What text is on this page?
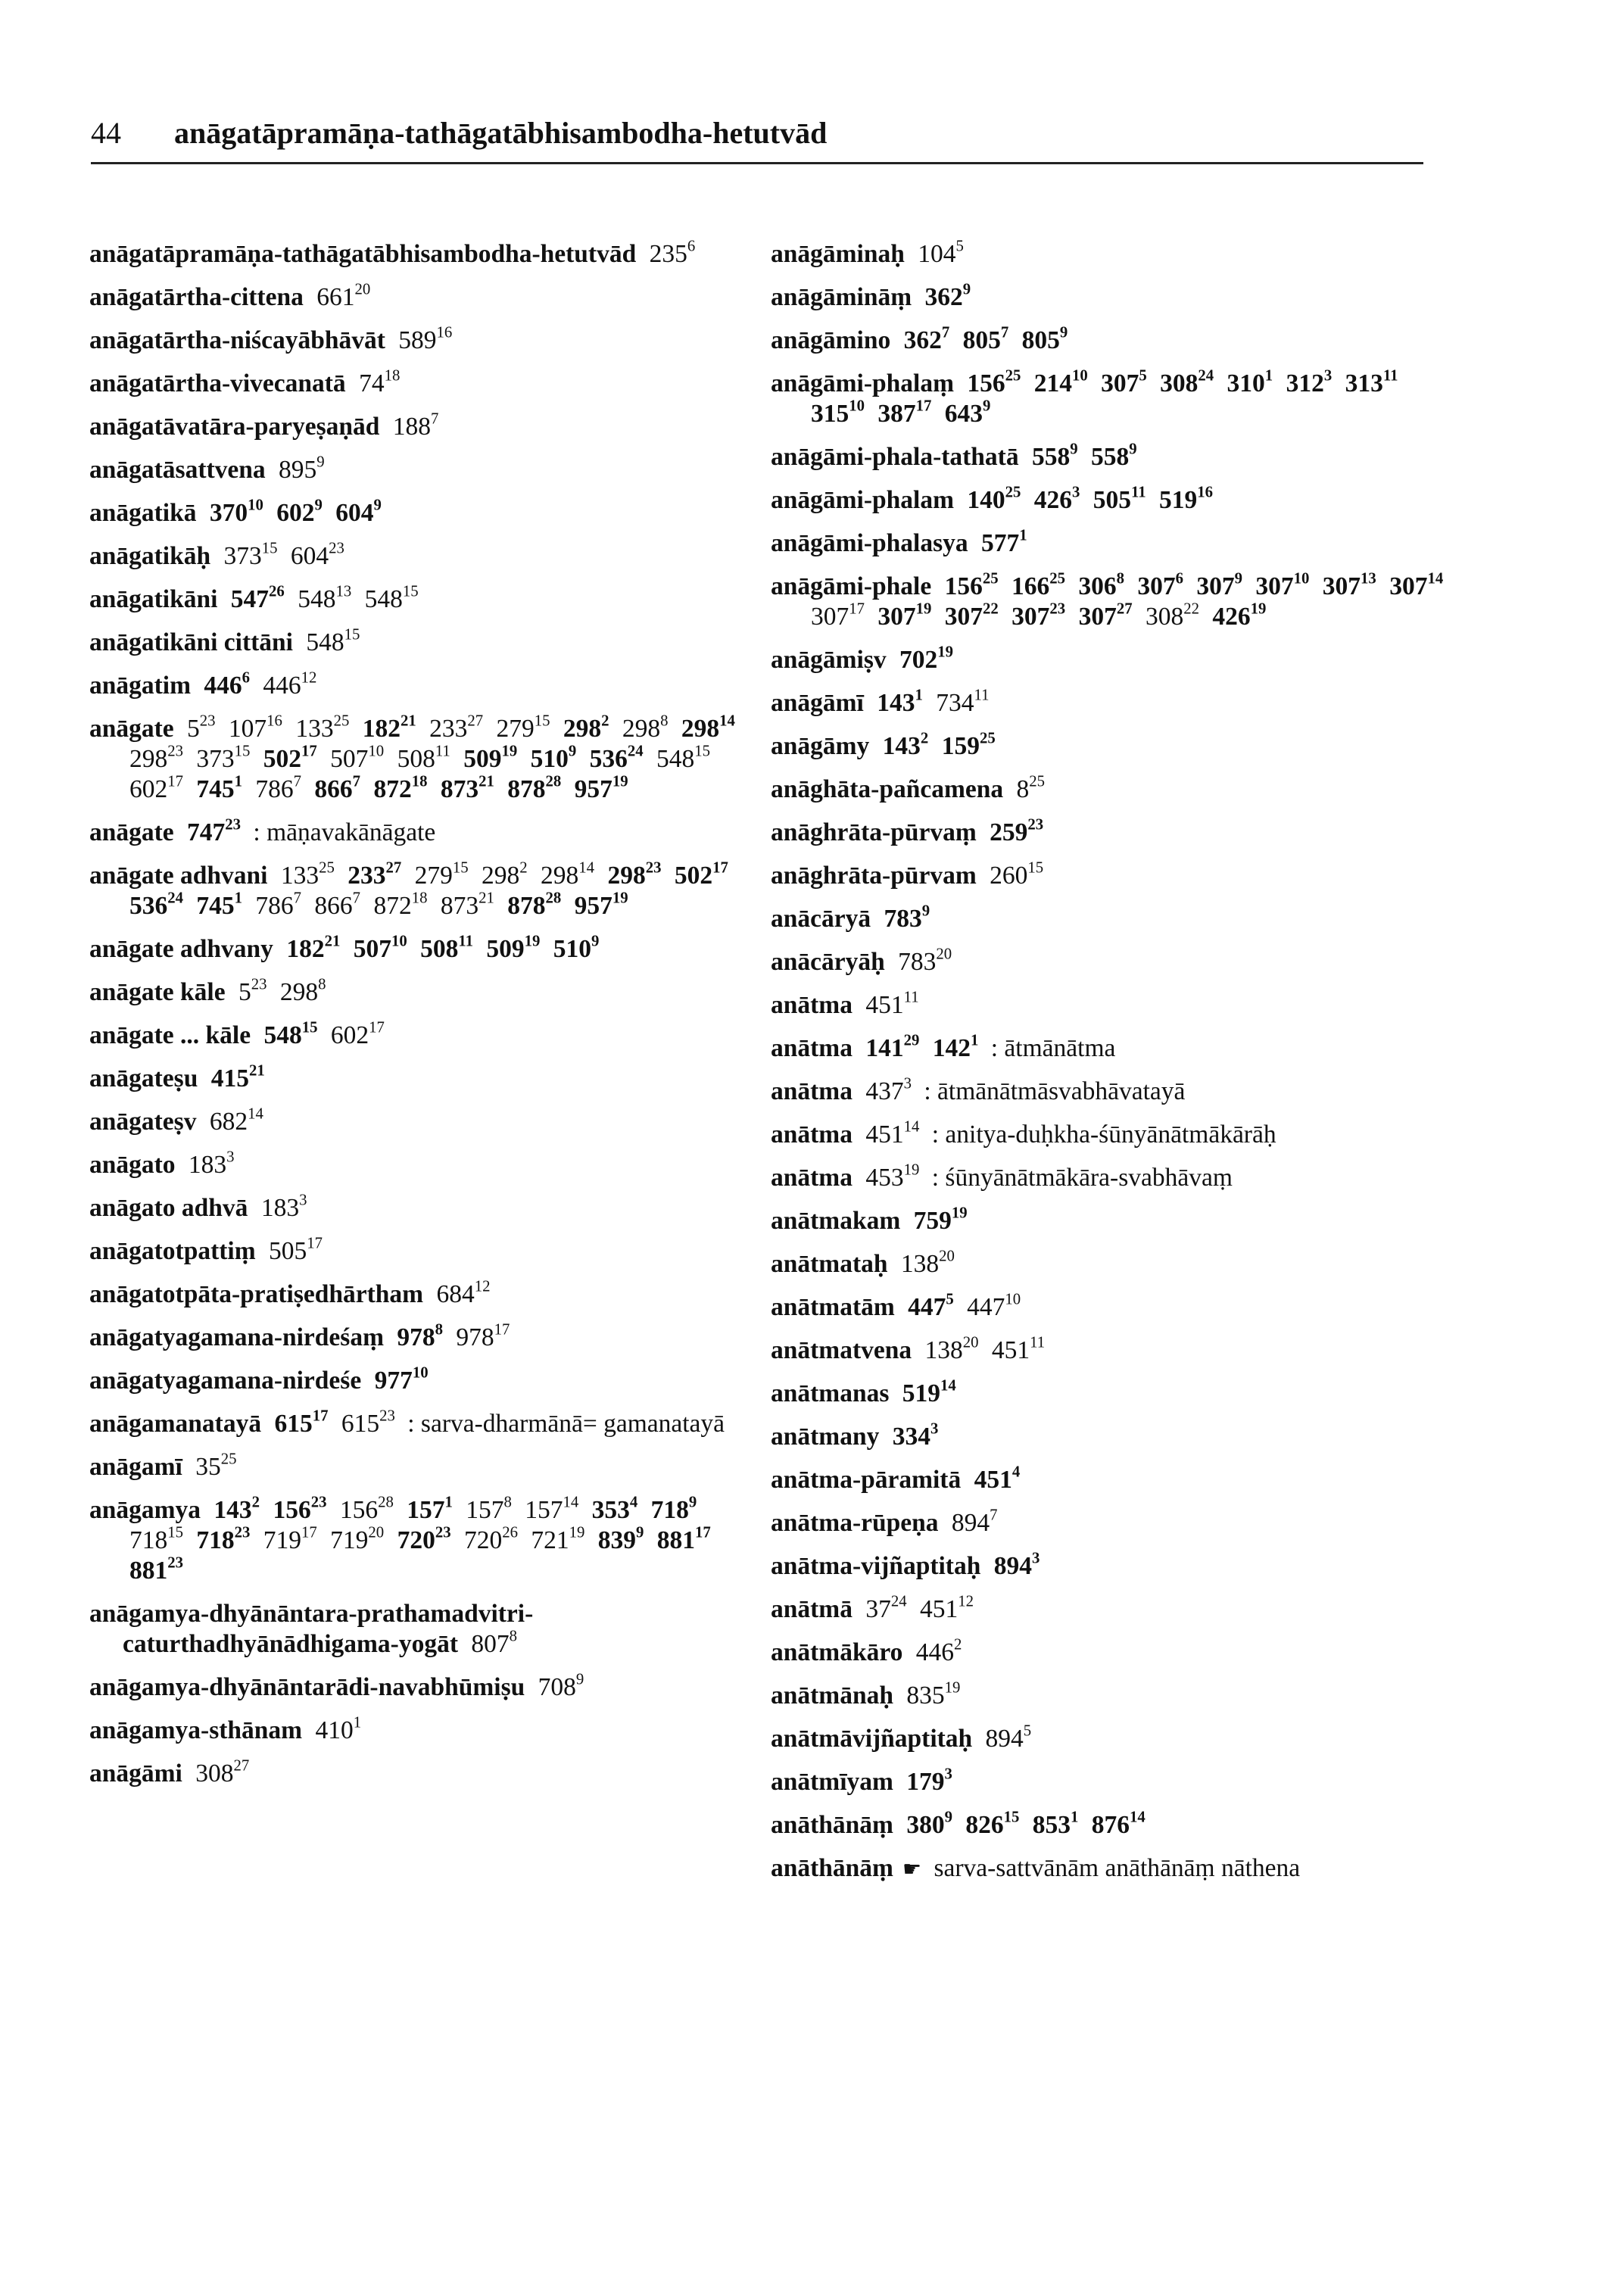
44 anāgatāpramāṇa-tathāgatābhisambodha-hetutvād
anāgatāpramāṇa-tathāgatābhisambodha-hetutvād $235^6$
anāgatārtha-cittena $661^{20}$
anāgatārtha-niścayābhāvāt $589^{16}$
anāgatārtha-vivecanatā $74^{18}$
anāgatāvatāra-paryeṣaṇād $188^7$
anāgatāsattvena $895^9$
anāgatikā $370^{10}$ $602^9$ $604^9$
anāgatikāḥ $373^{15}$ $604^{23}$
anāgatikāni $547^{26}$ $548^{13}$ $548^{15}$
anāgatikāni cittāni $548^{15}$
anāgatim $446^6$ $446^{12}$
anāgate $5^{23}$ $107^{16}$ $133^{25}$ $182^{21}$ $233^{27}$ $279^{15}$ $298^2$ $298^8$ $298^{14}$ $298^{23}$ $373^{15}$ $502^{17}$ $507^{10}$ $508^{11}$ $509^{19}$ $510^9$ $536^{24}$ $548^{15}$ $602^{17}$ $745^1$ $786^7$ $866^7$ $872^{18}$ $873^{21}$ $878^{28}$ $957^{19}$
anāgate $747^{23}$ : māṇavakānāgate
anāgate adhvani $133^{25}$ $233^{27}$ $279^{15}$ $298^2$ $298^{14}$ $298^{23}$ $502^{17}$ $536^{24}$ $745^1$ $786^7$ $866^7$ $872^{18}$ $873^{21}$ $878^{28}$ $957^{19}$
anāgate adhvany $182^{21}$ $507^{10}$ $508^{11}$ $509^{19}$ $510^9$
anāgate kāle $5^{23}$ $298^8$
anāgate ... kāle $548^{15}$ $602^{17}$
anāgateṣu $415^{21}$
anāgateṣv $682^{14}$
anāgato $183^3$
anāgato adhvā $183^3$
anāgatotpattiṃ $505^{17}$
anāgatotpāta-pratiṣedhārtham $684^{12}$
anāgatyagamana-nirdeśaṃ $978^8$ $978^{17}$
anāgatyagamana-nirdeśe $977^{10}$
anāgamanatayā $615^{17}$ $615^{23}$ : sarva-dharmānā= gamanatayā
anāgamī $35^{25}$
anāgamya $143^2$ $156^{23}$ $156^{28}$ $157^1$ $157^8$ $157^{14}$ $353^4$ $718^9$ $718^{15}$ $718^{23}$ $719^{17}$ $719^{20}$ $720^{23}$ $720^{26}$ $721^{19}$ $839^9$ $881^{17}$ $881^{23}$
anāgamya-dhyānāntara-prathamadvitri-caturthadhyānādhigama-yogāt $807^8$
anāgamya-dhyānāntarādi-navabhūmiṣu $708^9$
anāgamya-sthānam $410^1$
anāgāmi $308^{27}$
anāgāminaḥ $104^5$
anāgāmināṃ $362^9$
anāgāmino $362^7$ $805^7$ $805^9$
anāgāmi-phalaṃ $156^{25}$ $214^{10}$ $307^5$ $308^{24}$ $310^1$ $312^3$ $313^{11}$ $315^{10}$ $387^{17}$ $643^9$
anāgāmi-phala-tathatā $558^9$ $558^9$
anāgāmi-phalam $140^{25}$ $426^3$ $505^{11}$ $519^{16}$
anāgāmi-phalasya $577^1$
anāgāmi-phale $156^{25}$ $166^{25}$ $306^8$ $307^6$ $307^9$ $307^{10}$ $307^{13}$ $307^{14}$ $307^{17}$ $307^{19}$ $307^{22}$ $307^{23}$ $307^{27}$ $308^{22}$ $426^{19}$
anāgāmiṣv $702^{19}$
anāgāmī $143^1$ $734^{11}$
anāgāmy $143^2$ $159^{25}$
anāghāta-pañcamena $8^{25}$
anāghrāta-pūrvaṃ $259^{23}$
anāghrāta-pūrvam $260^{15}$
anācāryā $783^9$
anācāryāḥ $783^{20}$
anātma $451^{11}$
anātma $141^{29}$ $142^1$ : ātmānātma
anātma $437^3$ : ātmānātmāsvabhāvatayā
anātma $451^{14}$ : anitya-duḥkha-śūnyānātmākārāḥ
anātma $453^{19}$ : śūnyānātmākāra-svabhāvaṃ
anātmakam $759^{19}$
anātmataḥ $138^{20}$
anātmatām $447^5$ $447^{10}$
anātmatvena $138^{20}$ $451^{11}$
anātmanas $519^{14}$
anātmany $334^3$
anātma-pāramitā $451^4$
anātma-rūpeṇa $894^7$
anātma-vijñaptitaḥ $894^3$
anātmā $37^{24}$ $451^{12}$
anātmākāro $446^2$
anātmānaḥ $835^{19}$
anātmāvijñaptitaḥ $894^5$
anātmīyam $179^3$
anāthānāṃ $380^9$ $826^{15}$ $853^1$ $876^{14}$
anāthānāṃ ☛ sarva-sattvānām anāthānāṃ nāthena
